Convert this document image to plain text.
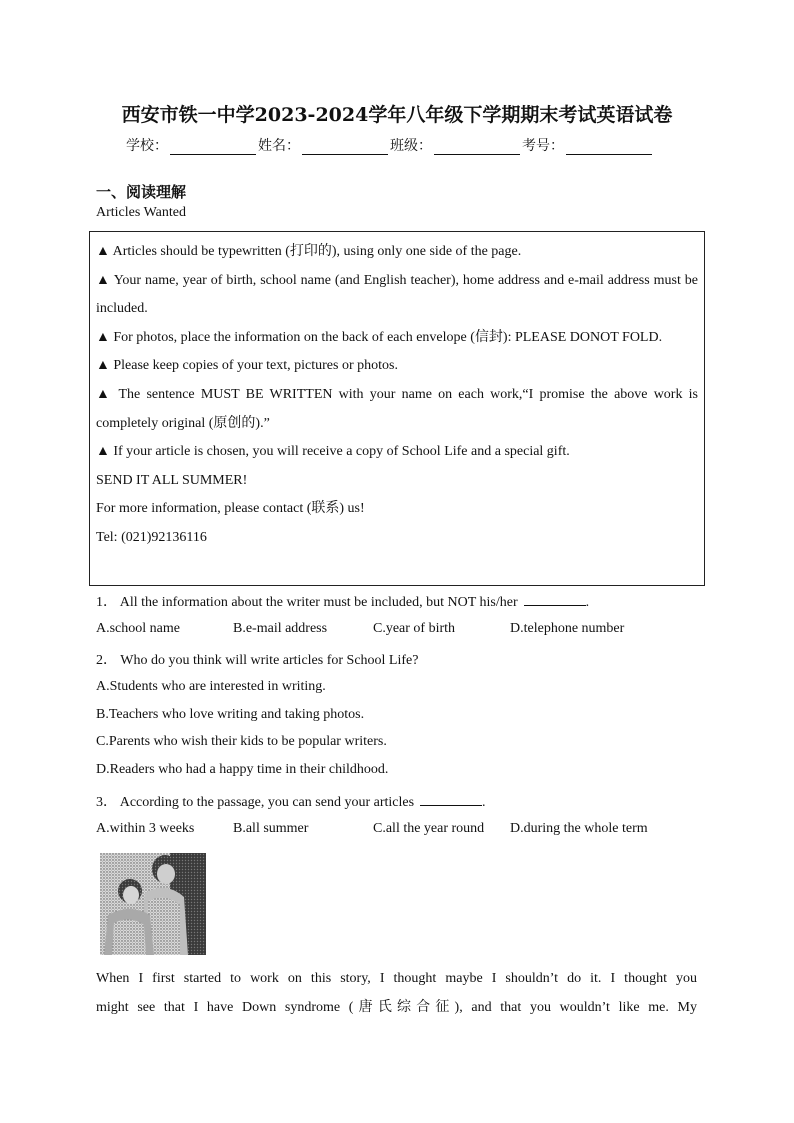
西安市铁一中学2023-2024学年八年级下学期期末考试英语试卷
学校：	姓名：	班级：	考号：
一、阅读理解
Articles Wanted

▲ Articles should be typewritten (打印的), using only one side of the page.

▲ Your name, year of birth, school name (and English teacher), home address and e-mail address must be included.

▲ For photos, place the information on the back of each envelope (信封): PLEASE DONOT FOLD.

▲ Please keep copies of your text, pictures or photos.

▲ The sentence MUST BE WRITTEN with your name on each work,“I promise the above work is completely original (原创的).”

▲ If your article is chosen, you will receive a copy of School Life and a special gift.

SEND IT ALL SUMMER!

For more information, please contact (联系) us!

Tel: (021)92136116

1． All the information about the writer must be included, but NOT his/her	.
A.school name	B.e-mail address	C.year of birth	D.telephone number
2． Who do you think will write articles for School Life?
A.Students who are interested in writing.
B.Teachers who love writing and taking photos.
C.Parents who wish their kids to be popular writers.
D.Readers who had a happy time in their childhood.
3． According to the passage, you can send your articles	.
A.within 3 weeks	B.all summer	C.all the year round	D.during the whole term
When I first started to work on this story, I thought maybe I shouldn’t do it. I thought you
might see that I have Down syndrome (唐氏综合征), and that you wouldn’t like me. My
